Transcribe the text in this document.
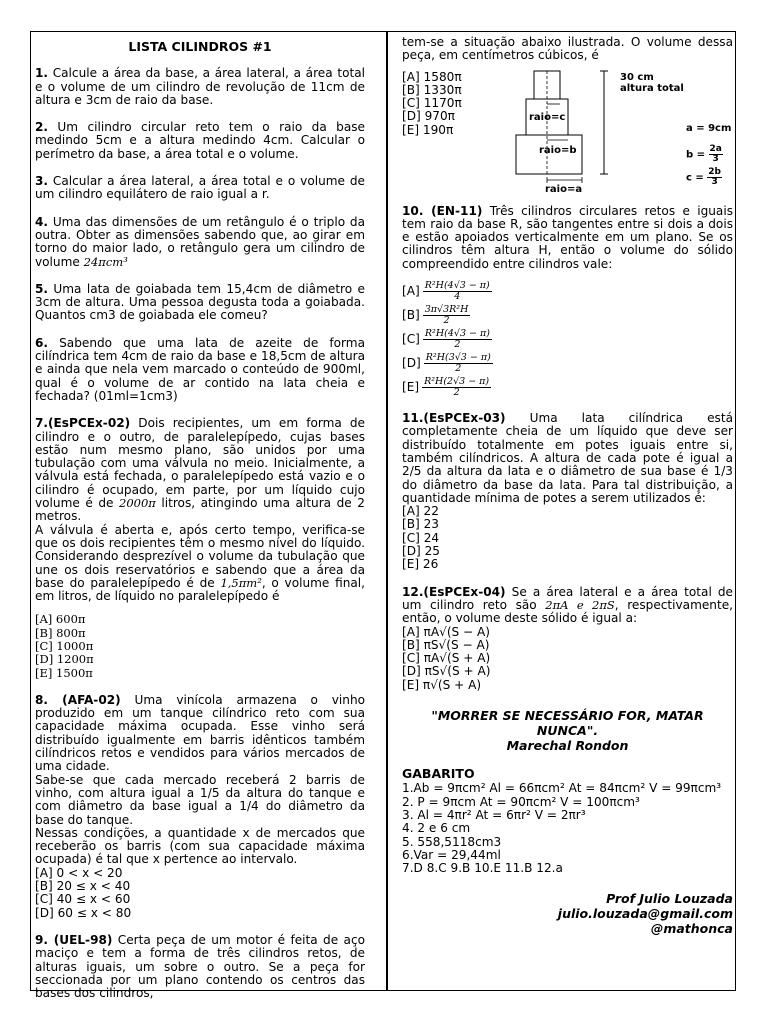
LISTA CILINDROS #1

1. Calcule a área da base, a área lateral, a área total e o volume de um cilindro de revolução de 11cm de altura e 3cm de raio da base.

2. Um cilindro circular reto tem o raio da base medindo 5cm e a altura medindo 4cm. Calcular o perímetro da base, a área total e o volume.

3. Calcular a área lateral, a área total e o volume de um cilindro equilátero de raio igual a r.

4. Uma das dimensões de um retângulo é o triplo da outra. Obter as dimensões sabendo que, ao girar em torno do maior lado, o retângulo gera um cilindro de volume 24πcm³

5. Uma lata de goiabada tem 15,4cm de diâmetro e 3cm de altura. Uma pessoa degusta toda a goiabada. Quantos cm3 de goiabada ele comeu?

6. Sabendo que uma lata de azeite de forma cilíndrica tem 4cm de raio da base e 18,5cm de altura e ainda que nela vem marcado o conteúdo de 900ml, qual é o volume de ar contido na lata cheia e fechada? (01ml=1cm3)

7.(EsPCEx-02) Dois recipientes, um em forma de cilindro e o outro, de paralelepípedo, cujas bases estão num mesmo plano, são unidos por uma tubulação com uma válvula no meio. Inicialmente, a válvula está fechada, o paralelepípedo está vazio e o cilindro é ocupado, em parte, por um líquido cujo volume é de 2000π litros, atingindo uma altura de 2 metros.

A válvula é aberta e, após certo tempo, verifica-se que os dois recipientes têm o mesmo nível do líquido. Considerando desprezível o volume da tubulação que une os dois reservatórios e sabendo que a área da base do paralelepípedo é de 1,5πm², o volume final, em litros, de líquido no paralelepípedo é

[A] 600π

[B] 800π

[C] 1000π

[D] 1200π

[E] 1500π

8. (AFA-02) Uma vinícola armazena o vinho produzido em um tanque cilíndrico reto com sua capacidade máxima ocupada. Esse vinho será distribuído igualmente em barris idênticos também cilíndricos retos e vendidos para vários mercados de uma cidade.

Sabe-se que cada mercado receberá 2 barris de vinho, com altura igual a 1/5 da altura do tanque e com diâmetro da base igual a 1/4 do diâmetro da base do tanque.

Nessas condições, a quantidade x de mercados que receberão os barris (com sua capacidade máxima ocupada) é tal que x pertence ao intervalo.

[A] 0 < x < 20

[B] 20 ≤ x < 40

[C] 40 ≤ x < 60

[D] 60 ≤ x < 80

9. (UEL-98) Certa peça de um motor é feita de aço maciço e tem a forma de três cilindros retos, de alturas iguais, um sobre o outro. Se a peça for seccionada por um plano contendo os centros das bases dos cilindros,

tem-se a situação abaixo ilustrada. O volume dessa peça, em centímetros cúbicos, é

[A] 1580π

[B] 1330π

[C] 1170π

[D] 970π

[E] 190π

30 cm
altura total
raio=c
raio=b
raio=a
a = 9cm
$b = \frac{2a}{3}$
$c = \frac{2b}{3}$

10. (EN-11) Três cilindros circulares retos e iguais tem raio da base R, são tangentes entre si dois a dois e estão apoiados verticalmente em um plano. Se os cilindros têm altura H, então o volume do sólido compreendido entre cilindros vale:

$[A] \frac{\text{R²H(4√3 − π)}}{4}$
$[B] \frac{\text{3π√3R²H}}{2}$
$[C] \frac{\text{R²H(4√3 − π)}}{2}$
$[D] \frac{\text{R²H(3√3 − π)}}{2}$
$[E] \frac{\text{R²H(2√3 − π)}}{2}$

11.(EsPCEx-03) Uma lata cilíndrica está completamente cheia de um líquido que deve ser distribuído totalmente em potes iguais entre si, também cilíndricos. A altura de cada pote é igual a 2/5 da altura da lata e o diâmetro de sua base é 1/3 do diâmetro da base da lata. Para tal distribuição, a quantidade mínima de potes a serem utilizados é:

[A] 22

[B] 23

[C] 24

[D] 25

[E] 26

12.(EsPCEx-04) Se a área lateral e a área total de um cilindro reto são 2πA e 2πS, respectivamente, então, o volume deste sólido é igual a:

[A] πA√(S − A)

[B] πS√(S − A)

[C] πA√(S + A)

[D] πS√(S + A)

[E] π√(S + A)

"MORRER SE NECESSÁRIO FOR, MATAR NUNCA".
Marechal Rondon
GABARITO

1.Ab = 9πcm² Al = 66πcm² At = 84πcm² V = 99πcm³

2. P = 9πcm At = 90πcm² V = 100πcm³

3. Al = 4πr² At = 6πr² V = 2πr³

4. 2 e 6 cm

5. 558,5118cm3

6.Var = 29,44ml

7.D 8.C 9.B 10.E 11.B 12.a

Prof Julio Louzada
julio.louzada@gmail.com
@mathonca
